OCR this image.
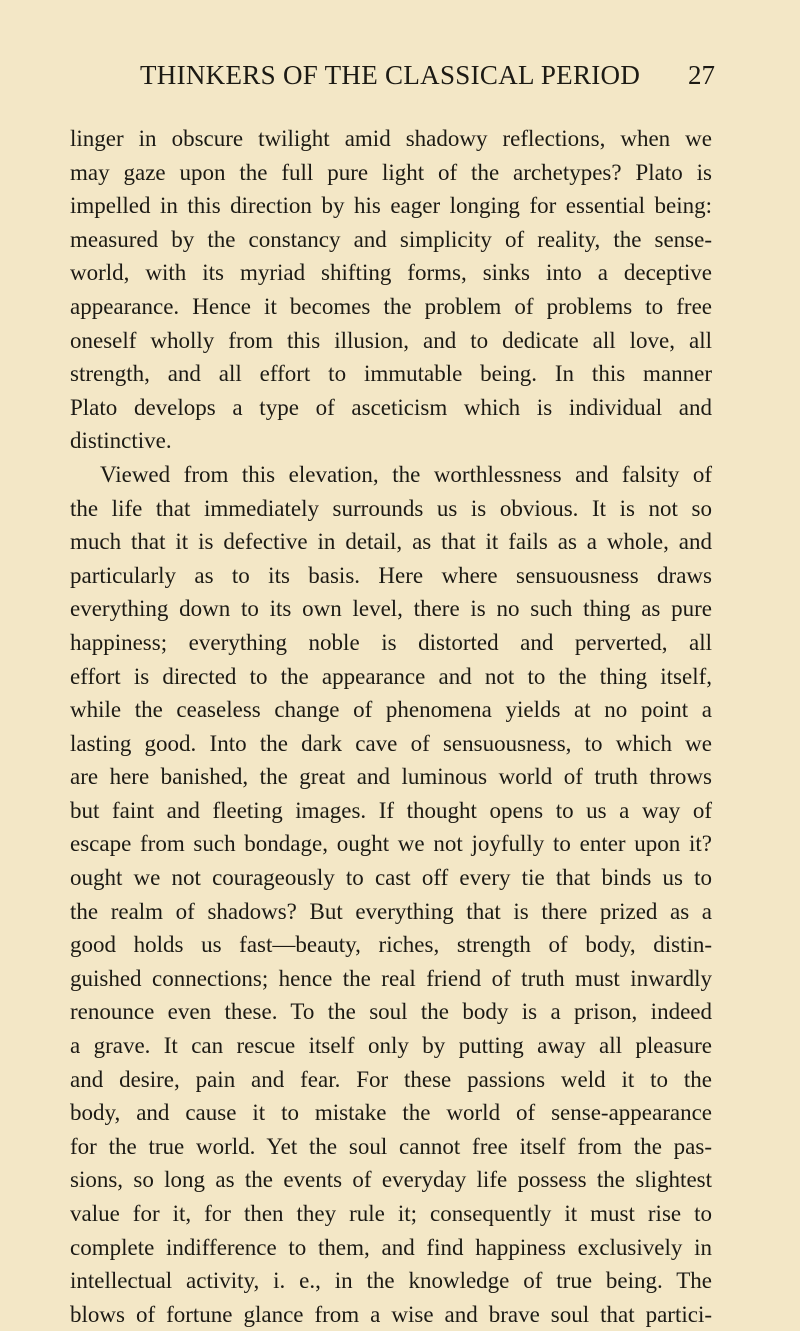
THINKERS OF THE CLASSICAL PERIOD 27
linger in obscure twilight amid shadowy reflections, when we
may gaze upon the full pure light of the archetypes? Plato is
impelled in this direction by his eager longing for essential being:
measured by the constancy and simplicity of reality, the sense-
world, with its myriad shifting forms, sinks into a deceptive
appearance. Hence it becomes the problem of problems to free
oneself wholly from this illusion, and to dedicate all love, all
strength, and all effort to immutable being. In this manner
Plato develops a type of asceticism which is individual and
distinctive.
Viewed from this elevation, the worthlessness and falsity of
the life that immediately surrounds us is obvious. It is not so
much that it is defective in detail, as that it fails as a whole, and
particularly as to its basis. Here where sensuousness draws
everything down to its own level, there is no such thing as pure
happiness; everything noble is distorted and perverted, all
effort is directed to the appearance and not to the thing itself,
while the ceaseless change of phenomena yields at no point a
lasting good. Into the dark cave of sensuousness, to which we
are here banished, the great and luminous world of truth throws
but faint and fleeting images. If thought opens to us a way of
escape from such bondage, ought we not joyfully to enter upon it?
ought we not courageously to cast off every tie that binds us to
the realm of shadows? But everything that is there prized as a
good holds us fast—beauty, riches, strength of body, distin-
guished connections; hence the real friend of truth must inwardly
renounce even these. To the soul the body is a prison, indeed
a grave. It can rescue itself only by putting away all pleasure
and desire, pain and fear. For these passions weld it to the
body, and cause it to mistake the world of sense-appearance
for the true world. Yet the soul cannot free itself from the pas-
sions, so long as the events of everyday life possess the slightest
value for it, for then they rule it; consequently it must rise to
complete indifference to them, and find happiness exclusively in
intellectual activity, i. e., in the knowledge of true being. The
blows of fortune glance from a wise and brave soul that partici-
